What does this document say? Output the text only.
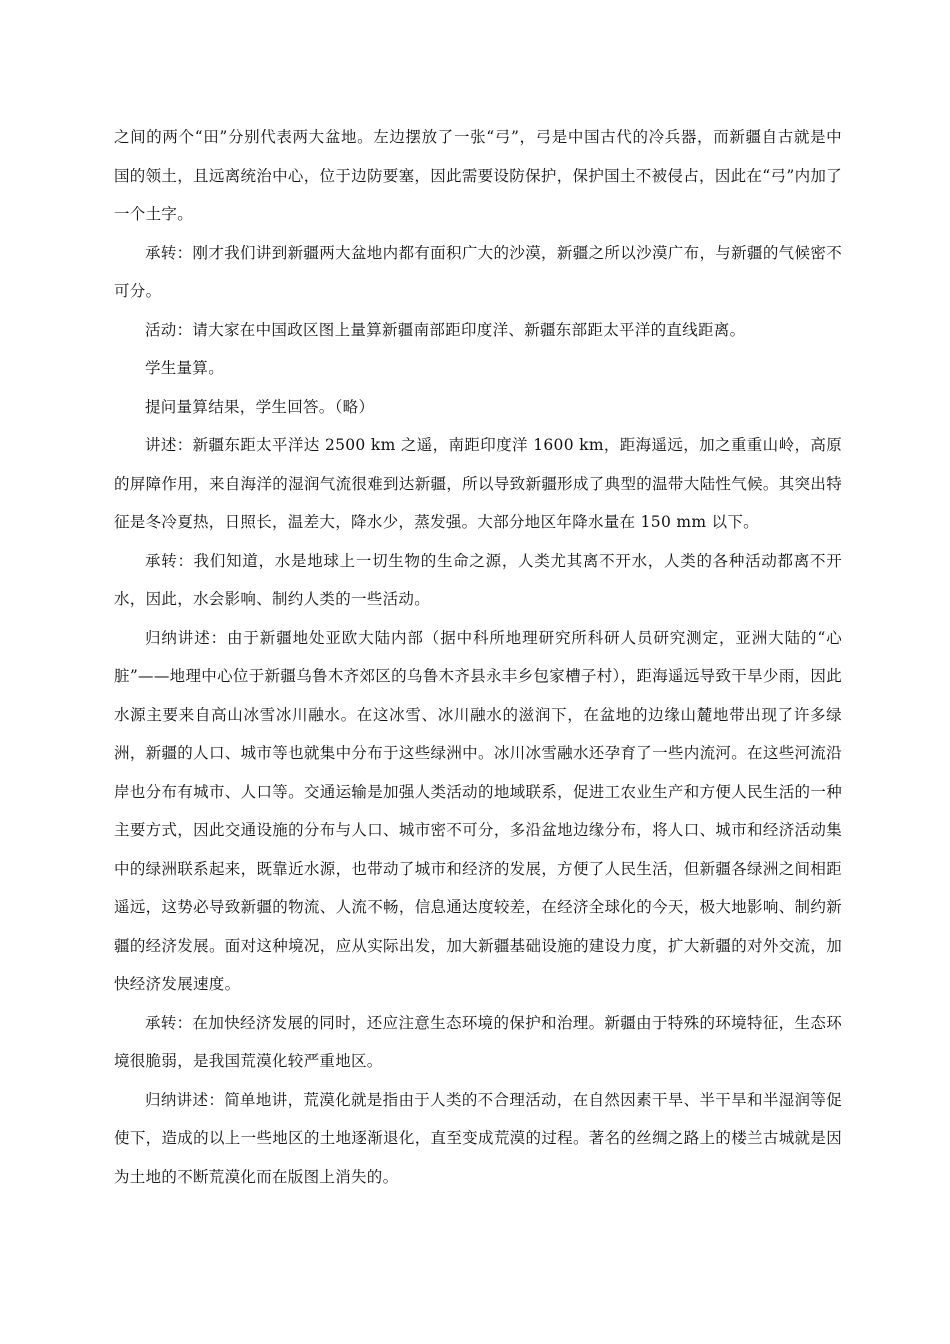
之间的两个“田”分别代表两大盆地。左边摆放了一张“弓”，弓是中国古代的冷兵器，而新疆自古就是中国的领土，且远离统治中心，位于边防要塞，因此需要设防保护，保护国土不被侵占，因此在“弓”内加了一个土字。

承转：刚才我们讲到新疆两大盆地内都有面积广大的沙漠，新疆之所以沙漠广布，与新疆的气候密不可分。

活动：请大家在中国政区图上量算新疆南部距印度洋、新疆东部距太平洋的直线距离。

学生量算。

提问量算结果，学生回答。（略）

讲述：新疆东距太平洋达 2500 km 之遥，南距印度洋 1600 km，距海遥远，加之重重山岭，高原的屏障作用，来自海洋的湿润气流很难到达新疆，所以导致新疆形成了典型的温带大陆性气候。其突出特征是冬冷夏热，日照长，温差大，降水少，蒸发强。大部分地区年降水量在 150 mm 以下。

承转：我们知道，水是地球上一切生物的生命之源，人类尤其离不开水，人类的各种活动都离不开水，因此，水会影响、制约人类的一些活动。

归纳讲述：由于新疆地处亚欧大陆内部（据中科所地理研究所科研人员研究测定，亚洲大陆的“心脏”——地理中心位于新疆乌鲁木齐郊区的乌鲁木齐县永丰乡包家槽子村），距海遥远导致干旱少雨，因此水源主要来自高山冰雪冰川融水。在这冰雪、冰川融水的滋润下，在盆地的边缘山麓地带出现了许多绿洲，新疆的人口、城市等也就集中分布于这些绿洲中。冰川冰雪融水还孕育了一些内流河。在这些河流沿岸也分布有城市、人口等。交通运输是加强人类活动的地域联系，促进工农业生产和方便人民生活的一种主要方式，因此交通设施的分布与人口、城市密不可分，多沿盆地边缘分布，将人口、城市和经济活动集中的绿洲联系起来，既靠近水源，也带动了城市和经济的发展，方便了人民生活，但新疆各绿洲之间相距遥远，这势必导致新疆的物流、人流不畅，信息通达度较差，在经济全球化的今天，极大地影响、制约新疆的经济发展。面对这种境况，应从实际出发，加大新疆基础设施的建设力度，扩大新疆的对外交流，加快经济发展速度。

承转：在加快经济发展的同时，还应注意生态环境的保护和治理。新疆由于特殊的环境特征，生态环境很脆弱，是我国荒漠化较严重地区。

归纳讲述：简单地讲，荒漠化就是指由于人类的不合理活动，在自然因素干旱、半干旱和半湿润等促使下，造成的以上一些地区的土地逐渐退化，直至变成荒漠的过程。著名的丝绸之路上的楼兰古城就是因为土地的不断荒漠化而在版图上消失的。
